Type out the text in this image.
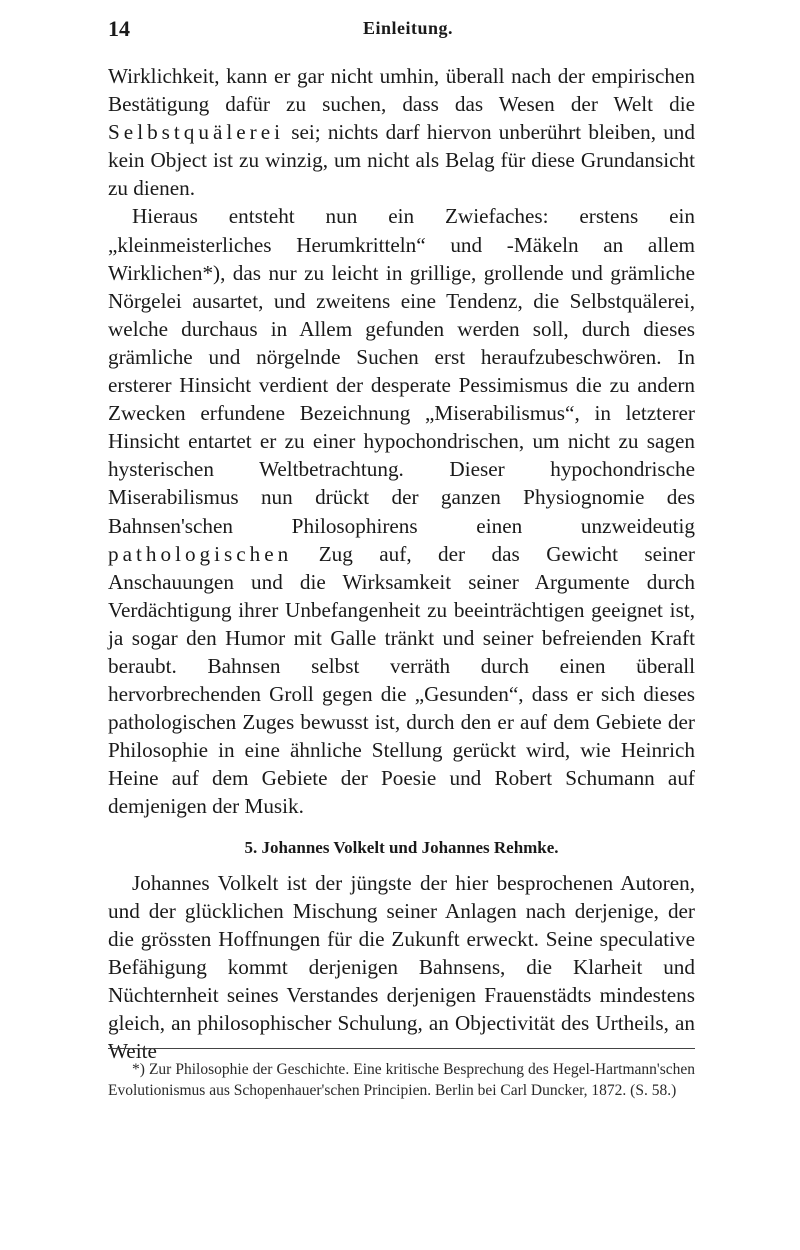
14	Einleitung.

Wirklichkeit, kann er gar nicht umhin, überall nach der empirischen Bestätigung dafür zu suchen, dass das Wesen der Welt die Selbstquälerei sei; nichts darf hiervon unberührt bleiben, und kein Object ist zu winzig, um nicht als Belag für diese Grundansicht zu dienen.

Hieraus entsteht nun ein Zwiefaches: erstens ein „kleinmeisterliches Herumkritteln“ und -Mäkeln an allem Wirklichen*), das nur zu leicht in grillige, grollende und grämliche Nörgelei ausartet, und zweitens eine Tendenz, die Selbstquälerei, welche durchaus in Allem gefunden werden soll, durch dieses grämliche und nörgelnde Suchen erst heraufzubeschwören. In ersterer Hinsicht verdient der desperate Pessimismus die zu andern Zwecken erfundene Bezeichnung „Miserabilismus“, in letzterer Hinsicht entartet er zu einer hypochondrischen, um nicht zu sagen hysterischen Weltbetrachtung. Dieser hypochondrische Miserabilismus nun drückt der ganzen Physiognomie des Bahnsen'schen Philosophirens einen unzweideutig pathologischen Zug auf, der das Gewicht seiner Anschauungen und die Wirksamkeit seiner Argumente durch Verdächtigung ihrer Unbefangenheit zu beeinträchtigen geeignet ist, ja sogar den Humor mit Galle tränkt und seiner befreienden Kraft beraubt. Bahnsen selbst verräth durch einen überall hervorbrechenden Groll gegen die „Gesunden“, dass er sich dieses pathologischen Zuges bewusst ist, durch den er auf dem Gebiete der Philosophie in eine ähnliche Stellung gerückt wird, wie Heinrich Heine auf dem Gebiete der Poesie und Robert Schumann auf demjenigen der Musik.

5. Johannes Volkelt und Johannes Rehmke.

Johannes Volkelt ist der jüngste der hier besprochenen Autoren, und der glücklichen Mischung seiner Anlagen nach derjenige, der die grössten Hoffnungen für die Zukunft erweckt. Seine speculative Befähigung kommt derjenigen Bahnsens, die Klarheit und Nüchternheit seines Verstandes derjenigen Frauenstädts mindestens gleich, an philosophischer Schulung, an Objectivität des Urtheils, an Weite

*) Zur Philosophie der Geschichte. Eine kritische Besprechung des Hegel-Hartmann'schen Evolutionismus aus Schopenhauer'schen Principien. Berlin bei Carl Duncker, 1872. (S. 58.)
